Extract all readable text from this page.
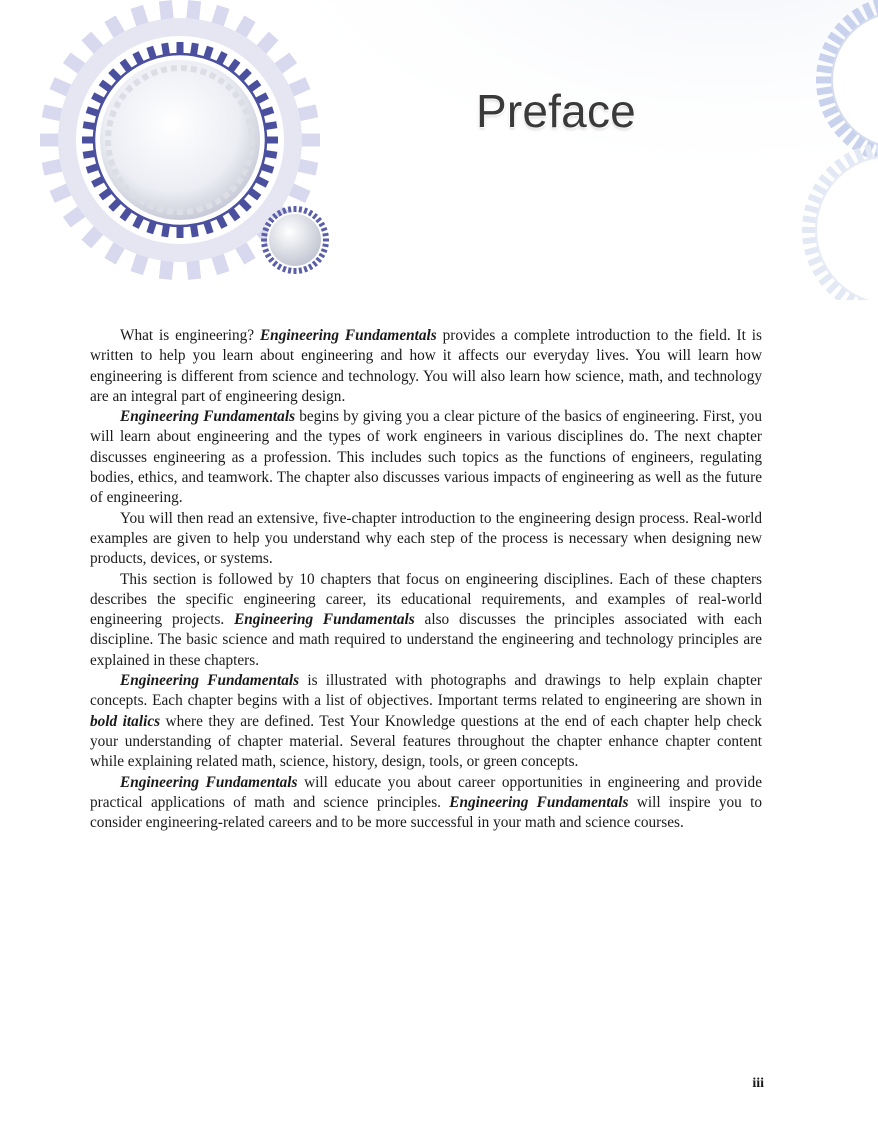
Preface

What is engineering? Engineering Fundamentals provides a complete introduction to the field. It is written to help you learn about engineering and how it affects our everyday lives. You will learn how engineering is different from science and technology. You will also learn how science, math, and technology are an integral part of engineering design.

Engineering Fundamentals begins by giving you a clear picture of the basics of engineering. First, you will learn about engineering and the types of work engineers in various disciplines do. The next chapter discusses engineering as a profession. This includes such topics as the functions of engineers, regulating bodies, ethics, and teamwork. The chapter also discusses various impacts of engineering as well as the future of engineering.

You will then read an extensive, five-chapter introduction to the engineering design process. Real-world examples are given to help you understand why each step of the process is necessary when designing new products, devices, or systems.

This section is followed by 10 chapters that focus on engineering disciplines. Each of these chapters describes the specific engineering career, its educational requirements, and examples of real-world engineering projects. Engineering Fundamentals also discusses the principles associated with each discipline. The basic science and math required to understand the engineering and technology principles are explained in these chapters.

Engineering Fundamentals is illustrated with photographs and drawings to help explain chapter concepts. Each chapter begins with a list of objectives. Important terms related to engineering are shown in bold italics where they are defined. Test Your Knowledge questions at the end of each chapter help check your understanding of chapter material. Several features throughout the chapter enhance chapter content while explaining related math, science, history, design, tools, or green concepts.

Engineering Fundamentals will educate you about career opportunities in engineering and provide practical applications of math and science principles. Engineering Fundamentals will inspire you to consider engineering-related careers and to be more successful in your math and science courses.

iii
